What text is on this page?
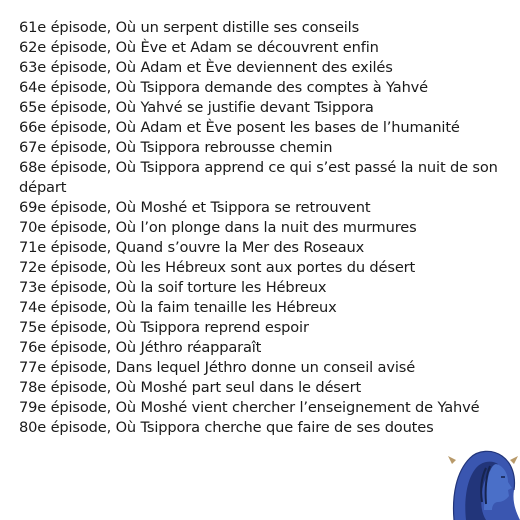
61e épisode, Où un serpent distille ses conseils
62e épisode, Où Ève et Adam se découvrent enfin
63e épisode, Où Adam et Ève deviennent des exilés
64e épisode, Où Tsippora demande des comptes à Yahvé
65e épisode, Où Yahvé se justifie devant Tsippora
66e épisode, Où Adam et Ève posent les bases de l’humanité
67e épisode, Où Tsippora rebrousse chemin
68e épisode, Où Tsippora apprend ce qui s’est passé la nuit de son départ
69e épisode, Où Moshé et Tsippora se retrouvent
70e épisode, Où l’on plonge dans la nuit des murmures
71e épisode, Quand s’ouvre la Mer des Roseaux
72e épisode, Où les Hébreux sont aux portes du désert
73e épisode, Où la soif torture les Hébreux
74e épisode, Où la faim tenaille les Hébreux
75e épisode, Où Tsippora reprend espoir
76e épisode, Où Jéthro réapparaît
77e épisode, Dans lequel Jéthro donne un conseil avisé
78e épisode, Où Moshé part seul dans le désert
79e épisode, Où Moshé vient chercher l’enseignement de Yahvé
80e épisode, Où Tsippora cherche que faire de ses doutes
